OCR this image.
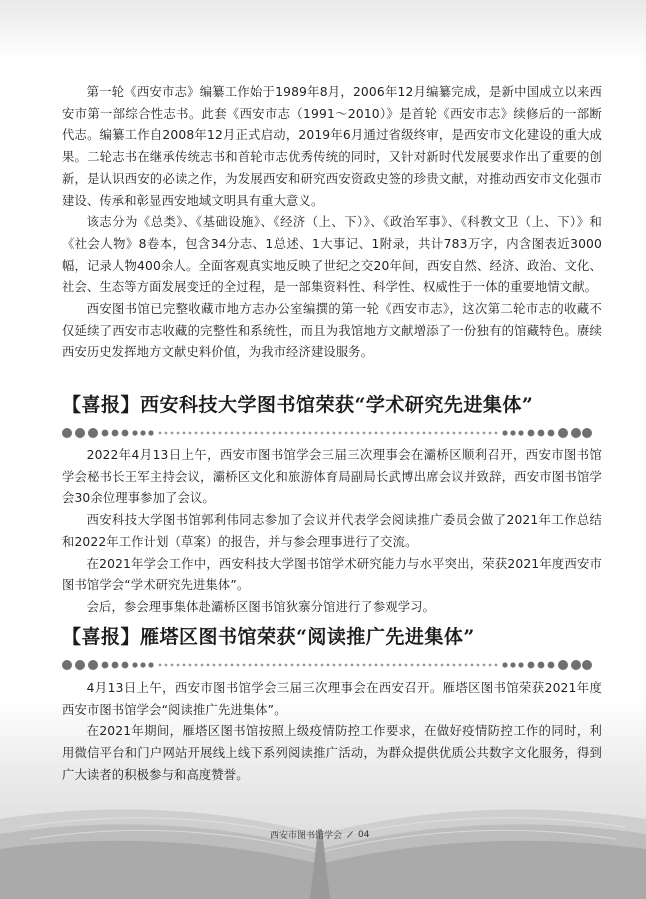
第一轮《西安市志》编纂工作始于1989年8月，2006年12月编纂完成，是新中国成立以来西安市第一部综合性志书。此套《西安市志（1991～2010）》是首轮《西安市志》续修后的一部断代志。编纂工作自2008年12月正式启动，2019年6月通过省级终审，是西安市文化建设的重大成果。二轮志书在继承传统志书和首轮市志优秀传统的同时，又针对新时代发展要求作出了重要的创新，是认识西安的必读之作，为发展西安和研究西安资政史签的珍贵文献，对推动西安市文化强市建设、传承和彰显西安地域文明具有重大意义。

该志分为《总类》、《基础设施》、《经济（上、下）》、《政治军事》、《科教文卫（上、下）》和《社会人物》8卷本，包含34分志、1总述、1大事记、1附录，共计783万字，内含图表近3000幅，记录人物400余人。全面客观真实地反映了世纪之交20年间，西安自然、经济、政治、文化、社会、生态等方面发展变迁的全过程，是一部集资料性、科学性、权威性于一体的重要地情文献。

西安图书馆已完整收藏市地方志办公室编撰的第一轮《西安市志》，这次第二轮市志的收藏不仅延续了西安市志收藏的完整性和系统性，而且为我馆地方文献增添了一份独有的馆藏特色。赓续西安历史发挥地方文献史料价值，为我市经济建设服务。

【喜报】西安科技大学图书馆荣获“学术研究先进集体”

2022年4月13日上午，西安市图书馆学会三届三次理事会在灞桥区顺利召开，西安市图书馆学会秘书长王军主持会议，灞桥区文化和旅游体育局副局长武博出席会议并致辞，西安市图书馆学会30余位理事参加了会议。

西安科技大学图书馆郭利伟同志参加了会议并代表学会阅读推广委员会做了2021年工作总结和2022年工作计划（草案）的报告，并与参会理事进行了交流。

在2021年学会工作中，西安科技大学图书馆学术研究能力与水平突出，荣获2021年度西安市图书馆学会“学术研究先进集体”。

会后，参会理事集体赴灞桥区图书馆狄寨分馆进行了参观学习。

【喜报】雁塔区图书馆荣获“阅读推广先进集体”

4月13日上午，西安市图书馆学会三届三次理事会在西安召开。雁塔区图书馆荣获2021年度西安市图书馆学会“阅读推广先进集体”。

在2021年期间，雁塔区图书馆按照上级疫情防控工作要求，在做好疫情防控工作的同时，利用微信平台和门户网站开展线上线下系列阅读推广活动，为群众提供优质公共数字文化服务，得到广大读者的积极参与和高度赞誉。

西安市图书馆学会 04
